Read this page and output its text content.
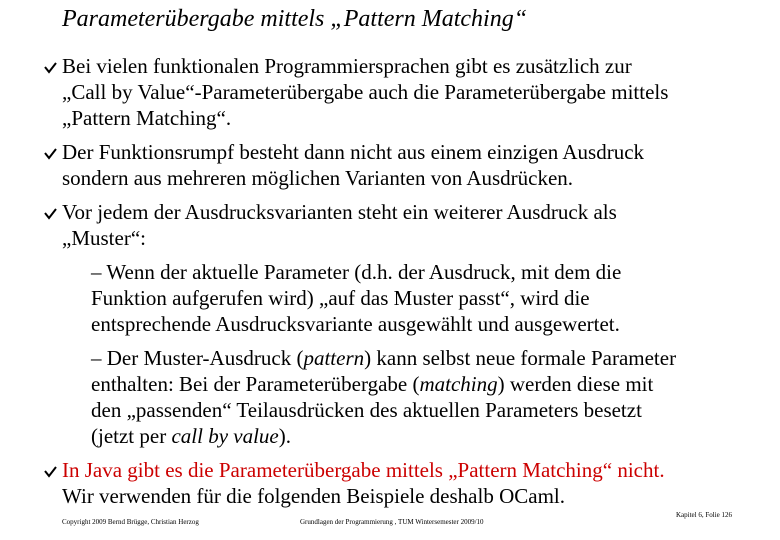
Parameterübergabe mittels „Pattern Matching“
Bei vielen funktionalen Programmiersprachen gibt es zusätzlich zur
„Call by Value“-Parameterübergabe auch die Parameterübergabe mittels
„Pattern Matching“.
Der Funktionsrumpf besteht dann nicht aus einem einzigen Ausdruck
sondern aus mehreren möglichen Varianten von Ausdrücken.
Vor jedem der Ausdrucksvarianten steht ein weiterer Ausdruck als
„Muster“:
– Wenn der aktuelle Parameter (d.h. der Ausdruck, mit dem die
Funktion aufgerufen wird) „auf das Muster passt“, wird die
entsprechende Ausdrucksvariante ausgewählt und ausgewertet.
– Der Muster-Ausdruck (pattern) kann selbst neue formale Parameter
enthalten: Bei der Parameterübergabe (matching) werden diese mit
den „passenden“ Teilausdrücken des aktuellen Parameters besetzt
(jetzt per call by value).
In Java gibt es die Parameterübergabe mittels „Pattern Matching“ nicht.
Wir verwenden für die folgenden Beispiele deshalb OCaml.
Copyright 2009 Bernd Brügge, Christian Herzog	Grundlagen der Programmierung , TUM Wintersemester 2009/10
Kapitel 6, Folie 126
